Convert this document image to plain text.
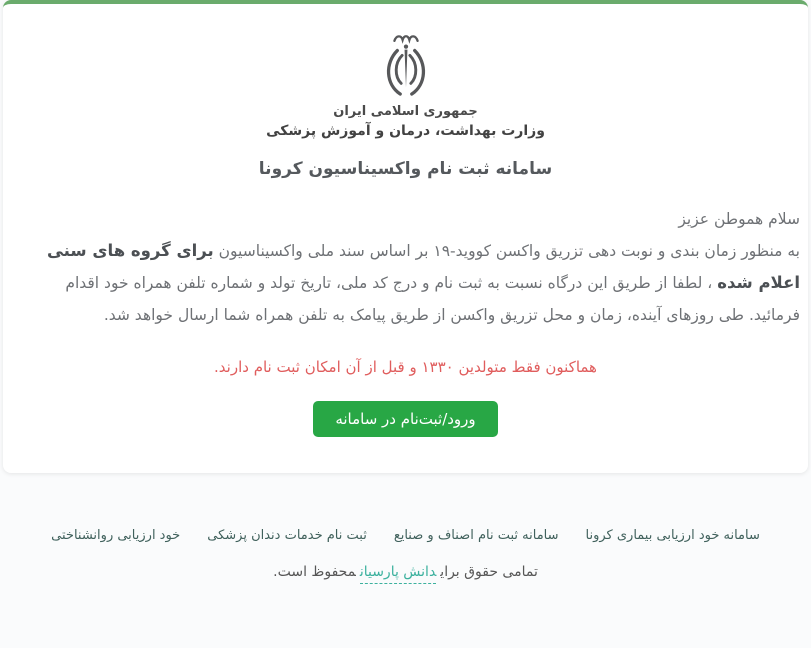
جمهوری اسلامی ایران
وزارت بهداشت، درمان و آموزش پزشکی
سامانه ثبت نام واکسیناسیون کرونا
سلام هموطن عزیز
به منظور زمان بندی و نوبت دهی تزریق واکسن کووید-۱۹ بر اساس سند ملی واکسیناسیون برای گروه های سنی اعلام شده ، لطفا از طریق این درگاه نسبت به ثبت نام و درج کد ملی، تاریخ تولد و شماره تلفن همراه خود اقدام فرمائید. طی روزهای آینده، زمان و محل تزریق واکسن از طریق پیامک به تلفن همراه شما ارسال خواهد شد.
هماکنون فقط متولدین ۱۳۳۰ و قبل از آن امکان ثبت نام دارند.
ورود/ثبت‌نام در سامانه
سامانه خود ارزیابی بیماری کرونا
سامانه ثبت نام اصناف و صنایع
ثبت نام خدمات دندان پزشکی
خود ارزیابی روانشناختی
تمامی حقوق برایدانش پارسیانمحفوظ است.
